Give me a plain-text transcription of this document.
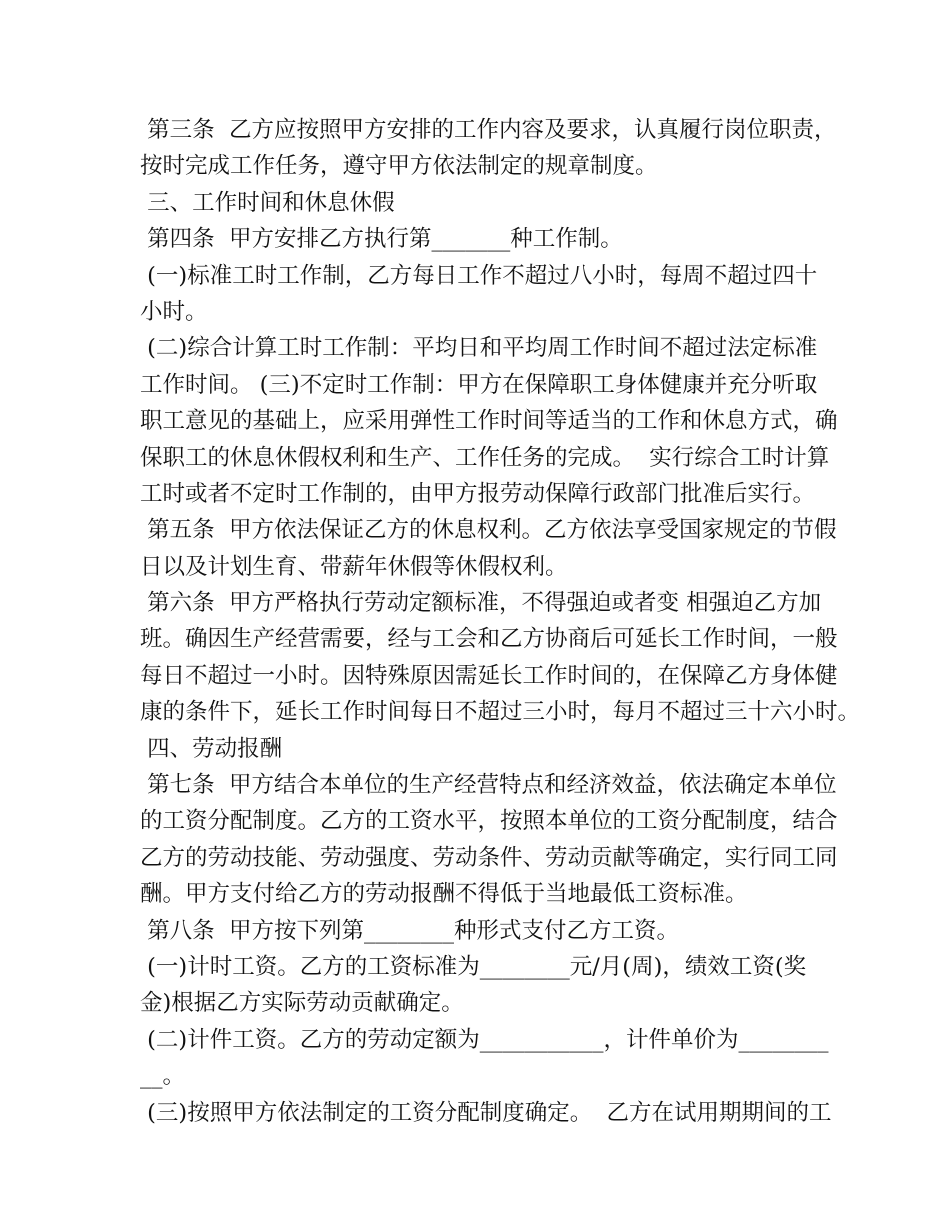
第三条  乙方应按照甲方安排的工作内容及要求，认真履行岗位职责，
按时完成工作任务，遵守甲方依法制定的规章制度。
三、工作时间和休息休假
第四条  甲方安排乙方执行第_______种工作制。
(一)标准工时工作制，乙方每日工作不超过八小时，每周不超过四十
小时。
(二)综合计算工时工作制：平均日和平均周工作时间不超过法定标准
工作时间。 (三)不定时工作制：甲方在保障职工身体健康并充分听取
职工意见的基础上，应采用弹性工作时间等适当的工作和休息方式，确
保职工的休息休假权利和生产、工作任务的完成。  实行综合工时计算
工时或者不定时工作制的，由甲方报劳动保障行政部门批准后实行。
第五条  甲方依法保证乙方的休息权利。乙方依法享受国家规定的节假
日以及计划生育、带薪年休假等休假权利。
第六条  甲方严格执行劳动定额标准，不得强迫或者变 相强迫乙方加
班。确因生产经营需要，经与工会和乙方协商后可延长工作时间，一般
每日不超过一小时。因特殊原因需延长工作时间的，在保障乙方身体健
康的条件下，延长工作时间每日不超过三小时，每月不超过三十六小时。
四、劳动报酬
第七条  甲方结合本单位的生产经营特点和经济效益，依法确定本单位
的工资分配制度。乙方的工资水平，按照本单位的工资分配制度，结合
乙方的劳动技能、劳动强度、劳动条件、劳动贡献等确定，实行同工同
酬。甲方支付给乙方的劳动报酬不得低于当地最低工资标准。
第八条  甲方按下列第________种形式支付乙方工资。
(一)计时工资。乙方的工资标准为________元/月(周)，绩效工资(奖
金)根据乙方实际劳动贡献确定。
(二)计件工资。乙方的劳动定额为___________，计件单价为________
__。
(三)按照甲方依法制定的工资分配制度确定。  乙方在试用期期间的工
